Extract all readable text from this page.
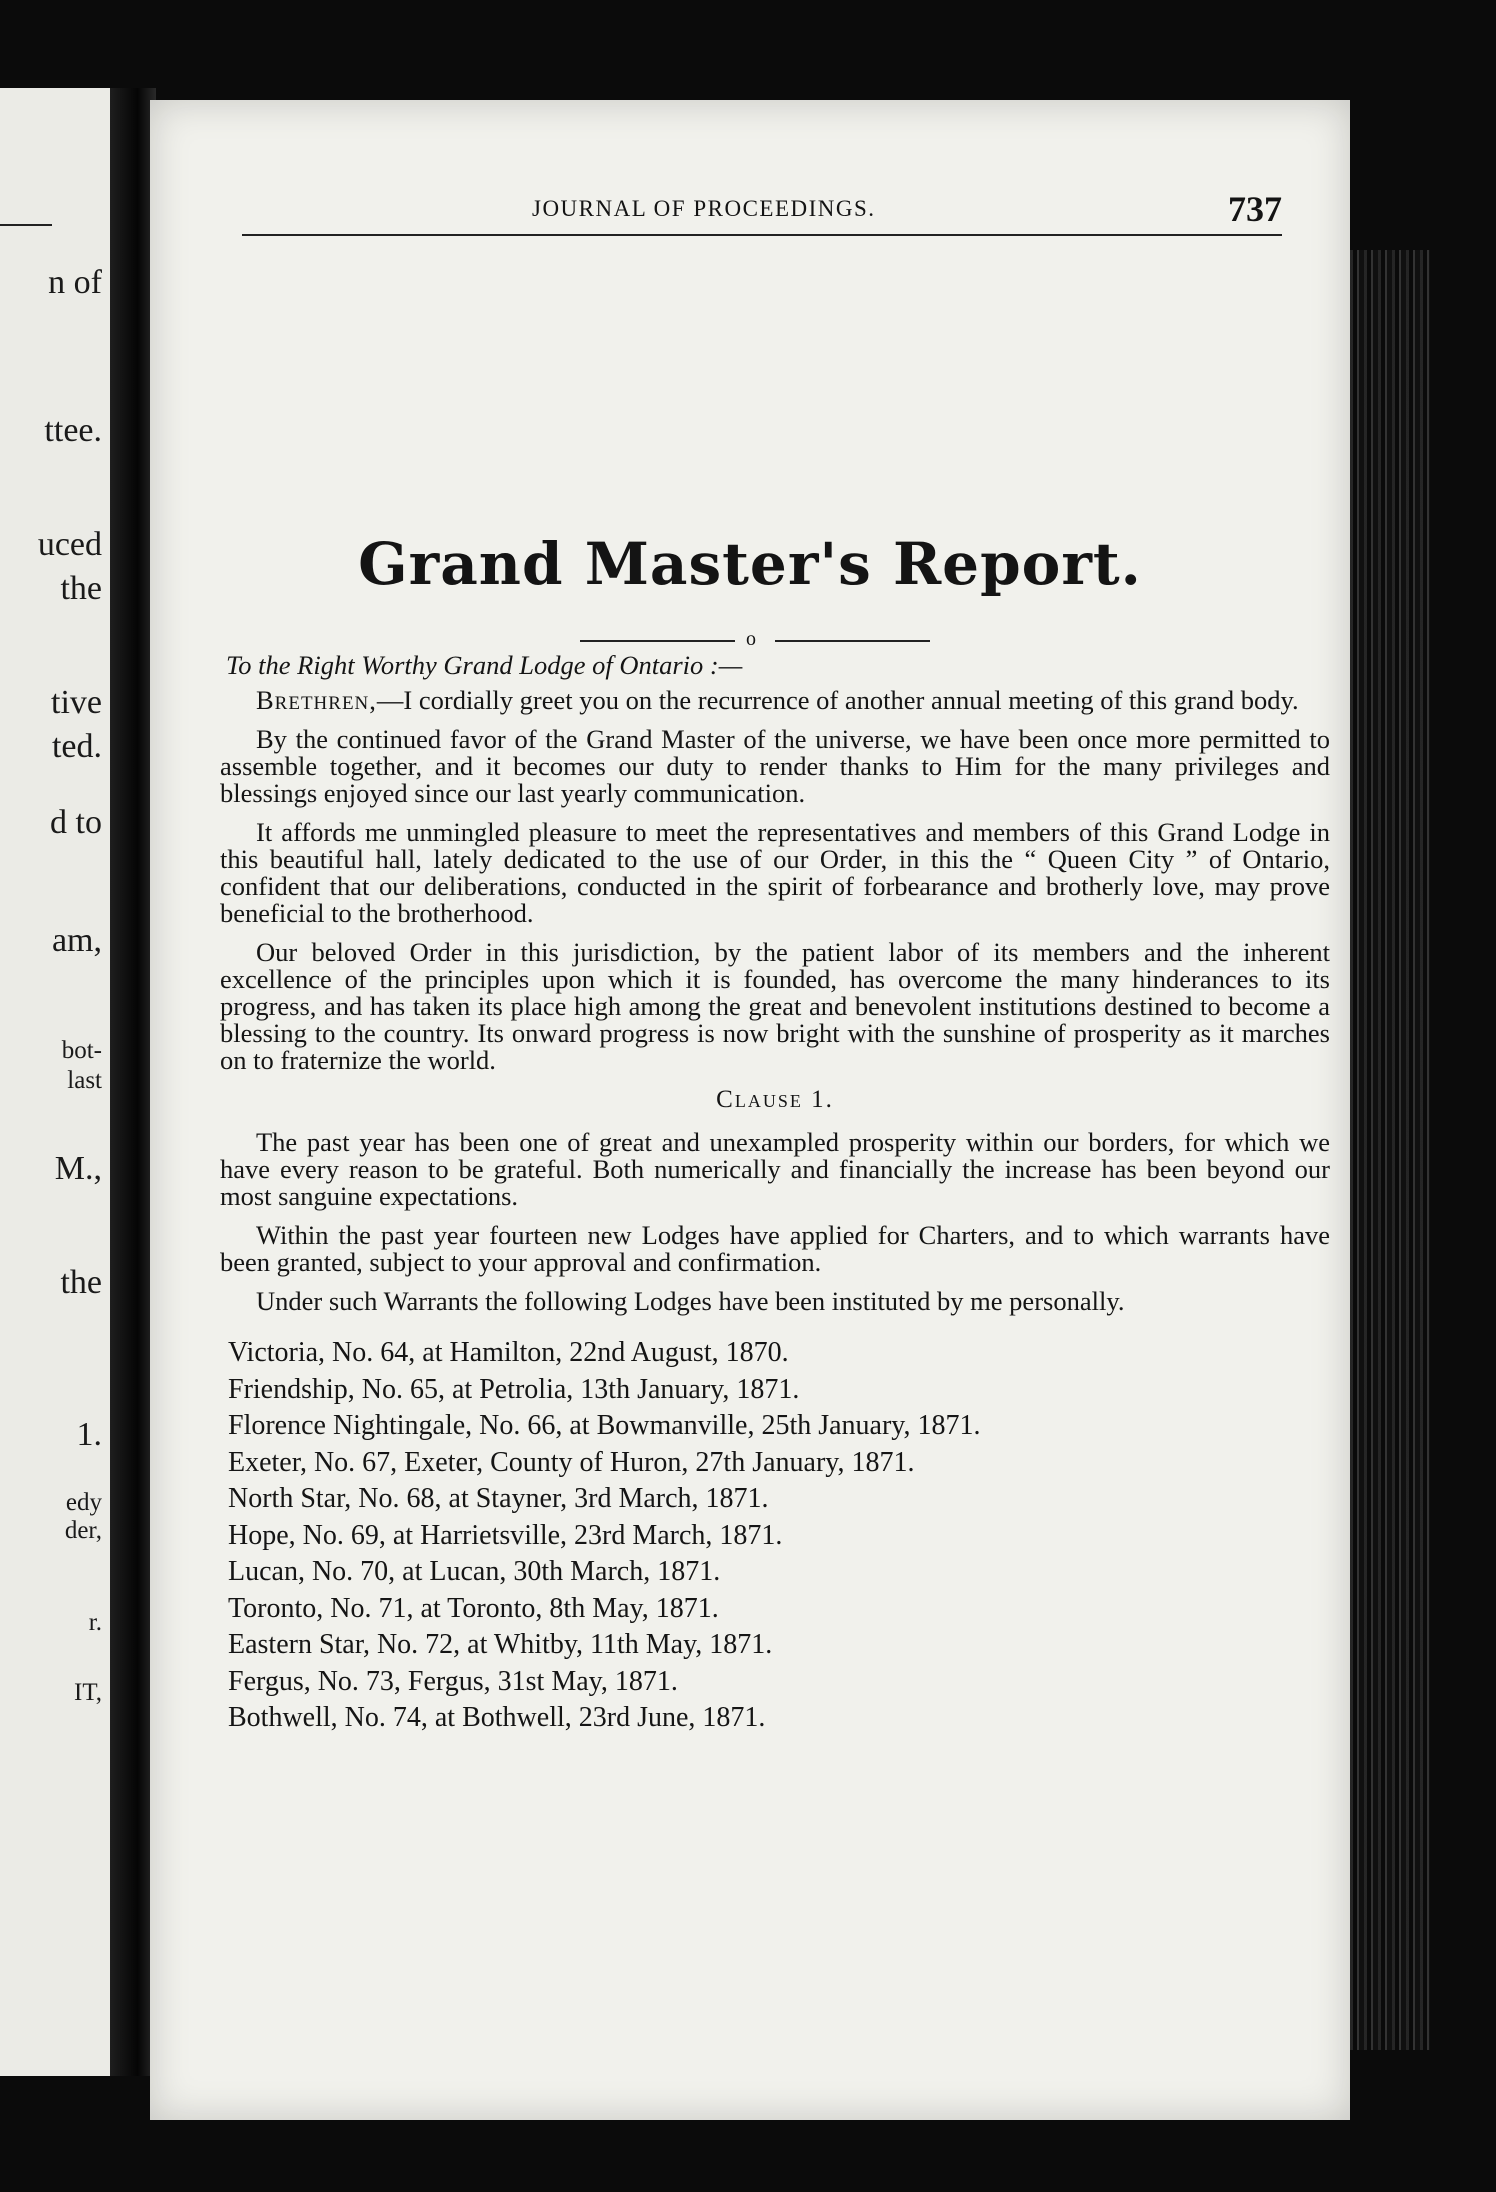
n of
ttee.
uced
the
tive
ted.
d to
am,
bot-
last
M.,
the
1.
edy
der,
r.
IT,
JOURNAL OF PROCEEDINGS.	737
Grand Master's Report.
o

To the Right Worthy Grand Lodge of Ontario :—

Brethren,—I cordially greet you on the recurrence of another annual meeting of this grand body.

By the continued favor of the Grand Master of the universe, we have been once more permitted to assemble together, and it becomes our duty to render thanks to Him for the many privileges and blessings enjoyed since our last yearly communication.

It affords me unmingled pleasure to meet the representatives and members of this Grand Lodge in this beautiful hall, lately dedicated to the use of our Order, in this the “ Queen City ” of Ontario, confident that our deliberations, conducted in the spirit of forbearance and brotherly love, may prove beneficial to the brotherhood.

Our beloved Order in this jurisdiction, by the patient labor of its members and the inherent excellence of the principles upon which it is founded, has overcome the many hinderances to its progress, and has taken its place high among the great and benevolent institutions destined to become a blessing to the country. Its onward progress is now bright with the sunshine of prosperity as it marches on to fraternize the world.

Clause 1.

The past year has been one of great and unexampled prosperity within our borders, for which we have every reason to be grateful. Both numerically and financially the increase has been beyond our most sanguine expectations.

Within the past year fourteen new Lodges have applied for Charters, and to which warrants have been granted, subject to your approval and confirmation.

Under such Warrants the following Lodges have been instituted by me personally.

Victoria, No. 64, at Hamilton, 22nd August, 1870.
Friendship, No. 65, at Petrolia, 13th January, 1871.
Florence Nightingale, No. 66, at Bowmanville, 25th January, 1871.
Exeter, No. 67, Exeter, County of Huron, 27th January, 1871.
North Star, No. 68, at Stayner, 3rd March, 1871.
Hope, No. 69, at Harrietsville, 23rd March, 1871.
Lucan, No. 70, at Lucan, 30th March, 1871.
Toronto, No. 71, at Toronto, 8th May, 1871.
Eastern Star, No. 72, at Whitby, 11th May, 1871.
Fergus, No. 73, Fergus, 31st May, 1871.
Bothwell, No. 74, at Bothwell, 23rd June, 1871.
